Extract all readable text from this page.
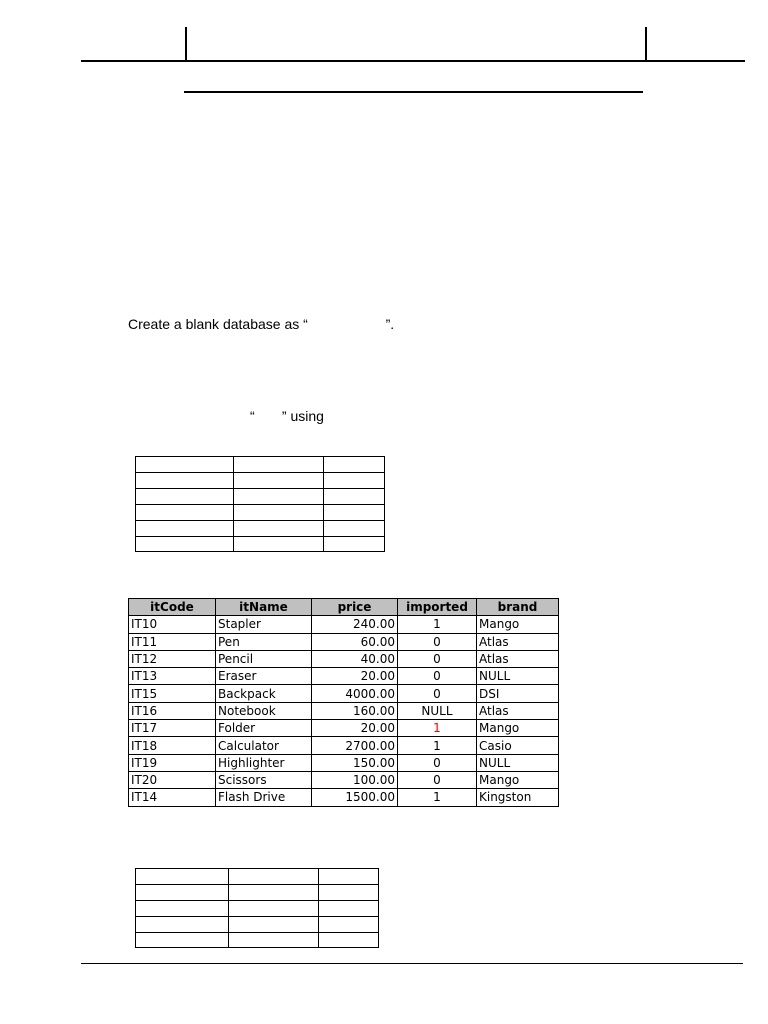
Create a blank database as “                    ”.
“       ” using

itCode	itName	price	imported	brand
IT10	Stapler	240.00	1	Mango
IT11	Pen	60.00	0	Atlas
IT12	Pencil	40.00	0	Atlas
IT13	Eraser	20.00	0	NULL
IT15	Backpack	4000.00	0	DSI
IT16	Notebook	160.00	NULL	Atlas
IT17	Folder	20.00	1	Mango
IT18	Calculator	2700.00	1	Casio
IT19	Highlighter	150.00	0	NULL
IT20	Scissors	100.00	0	Mango
IT14	Flash Drive	1500.00	1	Kingston
